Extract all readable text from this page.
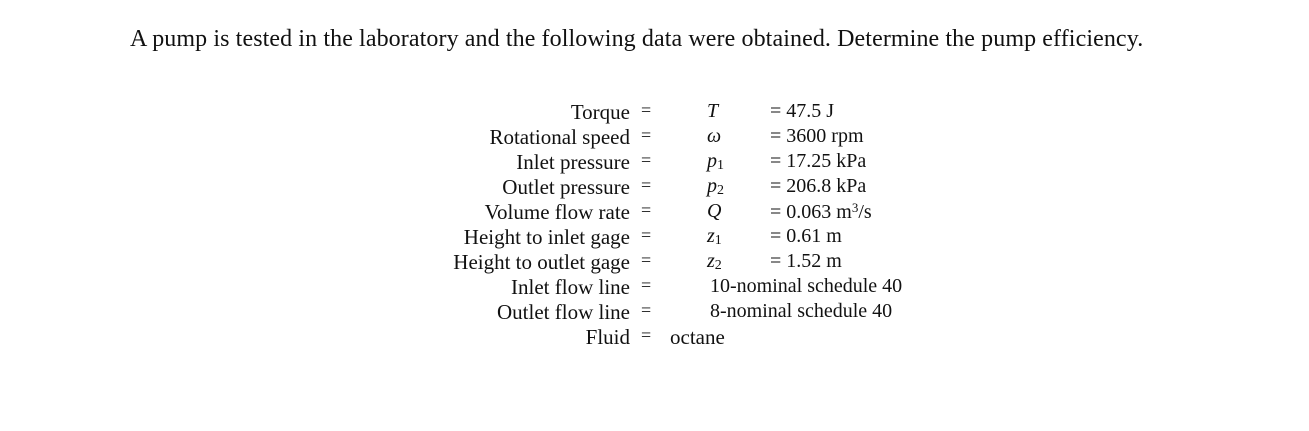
A pump is tested in the laboratory and the following data were obtained. Determine the pump efficiency.
Torque =	T	= 47.5 J
Rotational speed =	ω = 3600 rpm
Inlet pressure =	$p_1 = 17.25$ kPa
Outlet pressure =	$p_2 = 206.8$ kPa
Volume flow rate =	Q = 0.063 $m^3/s$
Height to inlet gage =	$z_1 = 0.61$ m
Height to outlet gage =	$z_2 = 1.52$ m
Inlet flow line =	10-nominal schedule 40
Outlet flow line =	8-nominal schedule 40
Fluid = octane
